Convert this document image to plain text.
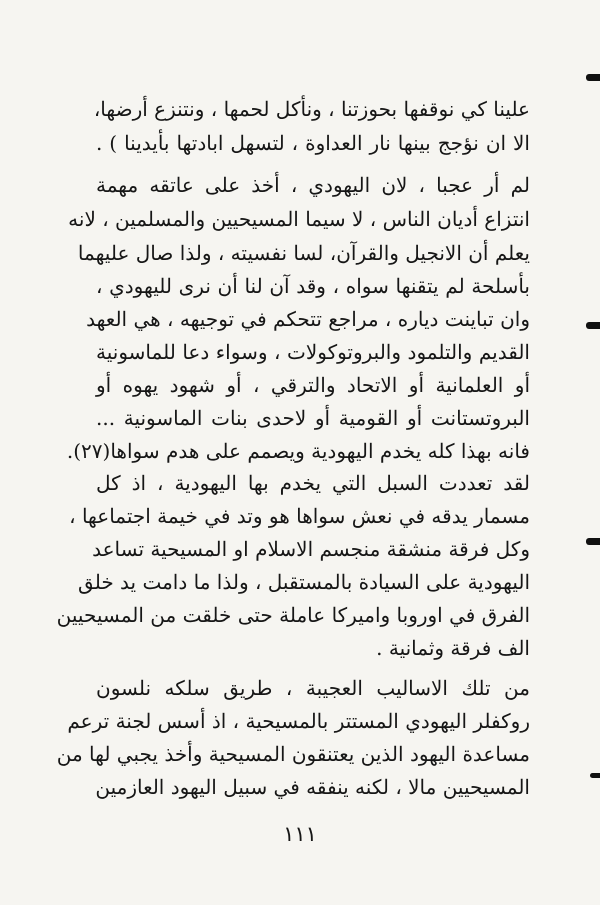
علينا كي نوقفها بحوزتنا ، ونأكل لحمها ، ونتنزع أرضها،
الا ان نؤجج بينها نار العداوة ، لتسهل ابادتها بأيدينا ) .
لم أر عجبا ، لان اليهودي ، أخذ على عاتقه مهمة
انتزاع أديان الناس ، لا سيما المسيحيين والمسلمين ، لانه
يعلم أن الانجيل والقرآن، لسا نفسيته ، ولذا صال عليهما
بأسلحة لم يتقنها سواه ، وقد آن لنا أن نرى لليهودي ،
وان تباينت دياره ، مراجع تتحكم في توجيهه ، هي العهد
القديم والتلمود والبروتوكولات ، وسواء دعا للماسونية
أو العلمانية أو الاتحاد والترقي ، أو شهود يهوه أو
البروتستانت أو القومية أو لاحدى بنات الماسونية ...
فانه بهذا كله يخدم اليهودية ويصمم على هدم سواها(٢٧).
لقد تعددت السبل التي يخدم بها اليهودية ، اذ كل
مسمار يدقه في نعش سواها هو وتد في خيمة اجتماعها ،
وكل فرقة منشقة منجسم الاسلام او المسيحية تساعد
اليهودية على السيادة بالمستقبل ، ولذا ما دامت يد خلق
الفرق في اوروبا واميركا عاملة حتى خلقت من المسيحيين
الف فرقة وثمانية .
من تلك الاساليب العجيبة ، طريق سلكه نلسون
روكفلر اليهودي المستتر بالمسيحية ، اذ أسس لجنة ترعم
مساعدة اليهود الذين يعتنقون المسيحية وأخذ يجبي لها من
المسيحيين مالا ، لكنه ينفقه في سبيل اليهود العازمين
١١١
